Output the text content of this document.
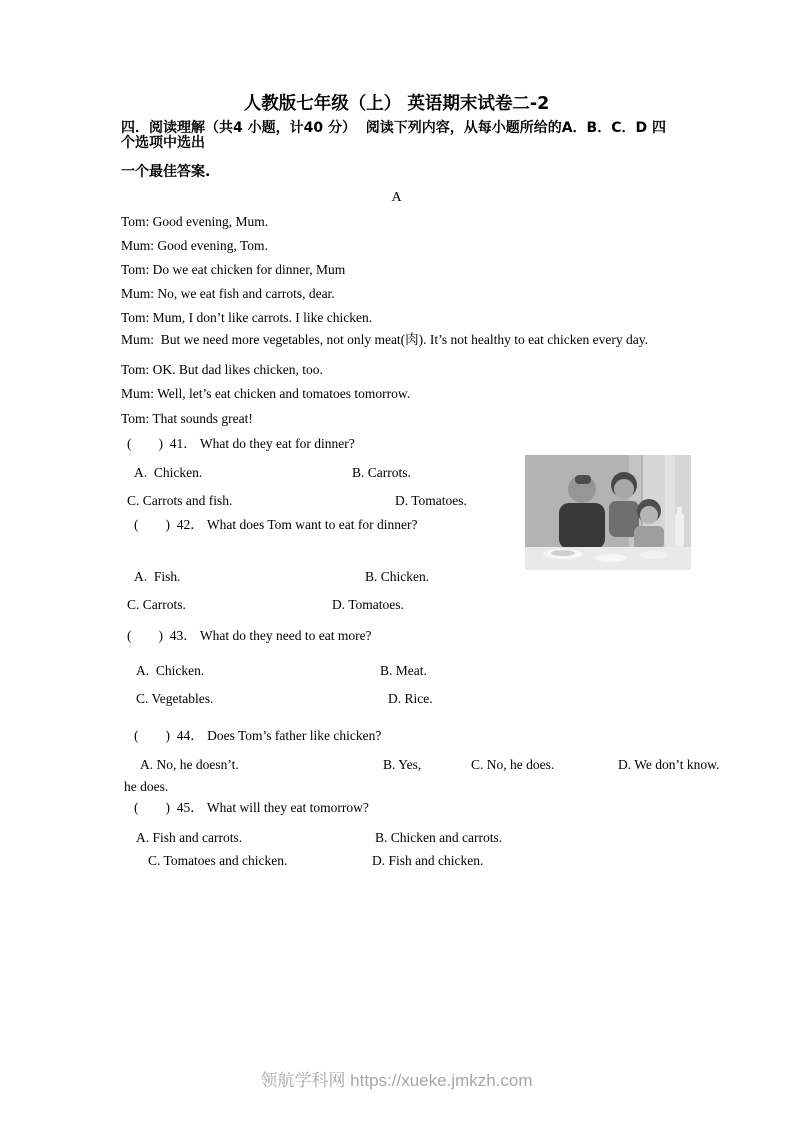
人教版七年级（上） 英语期末试卷二-2
四．阅读理解（共4 小题，计40 分）  阅读下列内容，从每小题所给的A．B．C．D 四
个选项中选出
一个最佳答案.
A
Tom: Good evening, Mum.
Mum: Good evening, Tom.
Tom: Do we eat chicken for dinner, Mum
Mum: No, we eat fish and carrots, dear.
Tom: Mum, I don’t like carrots. I like chicken.
Mum:  But we need more vegetables, not only meat(肉). It’s not healthy to eat chicken every day.
Tom: OK. But dad likes chicken, too.
Mum: Well, let’s eat chicken and tomatoes tomorrow.
Tom: That sounds great!
(　　)  41． What do they eat for dinner?
A.  Chicken.	B. Carrots.
C. Carrots and fish.	D. Tomatoes.
(　　)  42． What does Tom want to eat for dinner?
A.  Fish.	B. Chicken.
C. Carrots.	D. Tomatoes.
(　　)  43． What do they need to eat more?
A.  Chicken.	B. Meat.
C. Vegetables.	D. Rice.
(　　)  44． Does Tom’s father like chicken?
A. No, he doesn’t.	B. Yes,	C. No, he does.	D. We don’t know.
he does.
(　　)  45． What will they eat tomorrow?
A. Fish and carrots.	B. Chicken and carrots.
C. Tomatoes and chicken.	D. Fish and chicken.
领航学科网 https://xueke.jmkzh.com
